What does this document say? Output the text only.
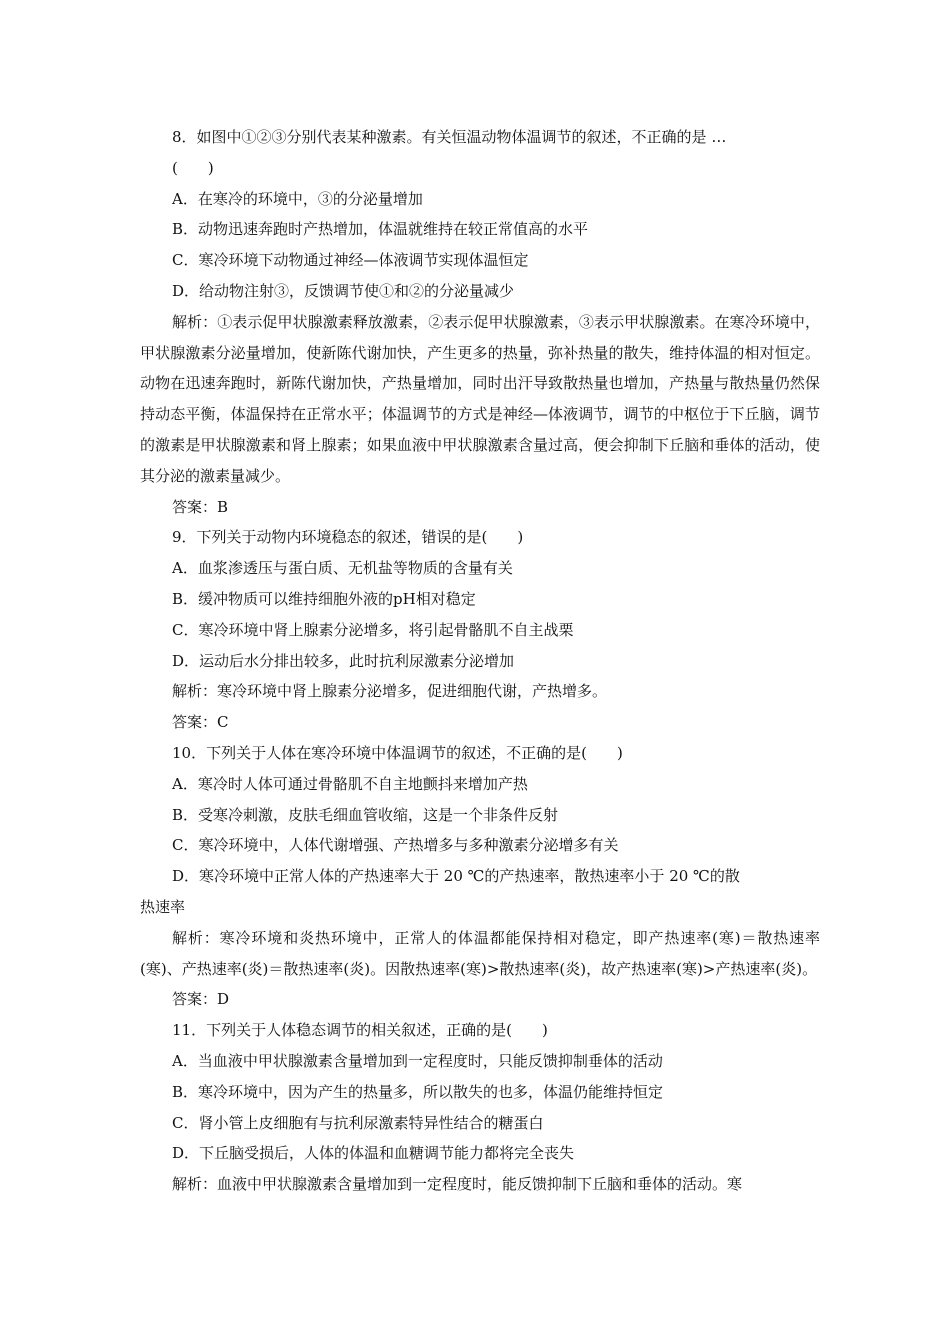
8．如图中①②③分别代表某种激素。有关恒温动物体温调节的叙述，不正确的是 …
(　　)
A．在寒冷的环境中，③的分泌量增加
B．动物迅速奔跑时产热增加，体温就维持在较正常值高的水平
C．寒冷环境下动物通过神经—体液调节实现体温恒定
D．给动物注射③，反馈调节使①和②的分泌量减少

解析：①表示促甲状腺激素释放激素，②表示促甲状腺激素，③表示甲状腺激素。在寒冷环境中，甲状腺激素分泌量增加，使新陈代谢加快，产生更多的热量，弥补热量的散失，维持体温的相对恒定。动物在迅速奔跑时，新陈代谢加快，产热量增加，同时出汗导致散热量也增加，产热量与散热量仍然保持动态平衡，体温保持在正常水平；体温调节的方式是神经—体液调节，调节的中枢位于下丘脑，调节的激素是甲状腺激素和肾上腺素；如果血液中甲状腺激素含量过高，便会抑制下丘脑和垂体的活动，使其分泌的激素量减少。

答案：B
9．下列关于动物内环境稳态的叙述，错误的是(　　)
A．血浆渗透压与蛋白质、无机盐等物质的含量有关
B．缓冲物质可以维持细胞外液的pH相对稳定
C．寒冷环境中肾上腺素分泌增多，将引起骨骼肌不自主战栗
D．运动后水分排出较多，此时抗利尿激素分泌增加
解析：寒冷环境中肾上腺素分泌增多，促进细胞代谢，产热增多。
答案：C
10．下列关于人体在寒冷环境中体温调节的叙述，不正确的是(　　)
A．寒冷时人体可通过骨骼肌不自主地颤抖来增加产热
B．受寒冷刺激，皮肤毛细血管收缩，这是一个非条件反射
C．寒冷环境中，人体代谢增强、产热增多与多种激素分泌增多有关
D．寒冷环境中正常人体的产热速率大于 20 ℃的产热速率，散热速率小于 20 ℃的散
热速率

解析：寒冷环境和炎热环境中，正常人的体温都能保持相对稳定，即产热速率(寒)＝散热速率(寒)、产热速率(炎)＝散热速率(炎)。因散热速率(寒)>散热速率(炎)，故产热速率(寒)>产热速率(炎)。

答案：D
11．下列关于人体稳态调节的相关叙述，正确的是(　　)
A．当血液中甲状腺激素含量增加到一定程度时，只能反馈抑制垂体的活动
B．寒冷环境中，因为产生的热量多，所以散失的也多，体温仍能维持恒定
C．肾小管上皮细胞有与抗利尿激素特异性结合的糖蛋白
D．下丘脑受损后，人体的体温和血糖调节能力都将完全丧失
解析：血液中甲状腺激素含量增加到一定程度时，能反馈抑制下丘脑和垂体的活动。寒
